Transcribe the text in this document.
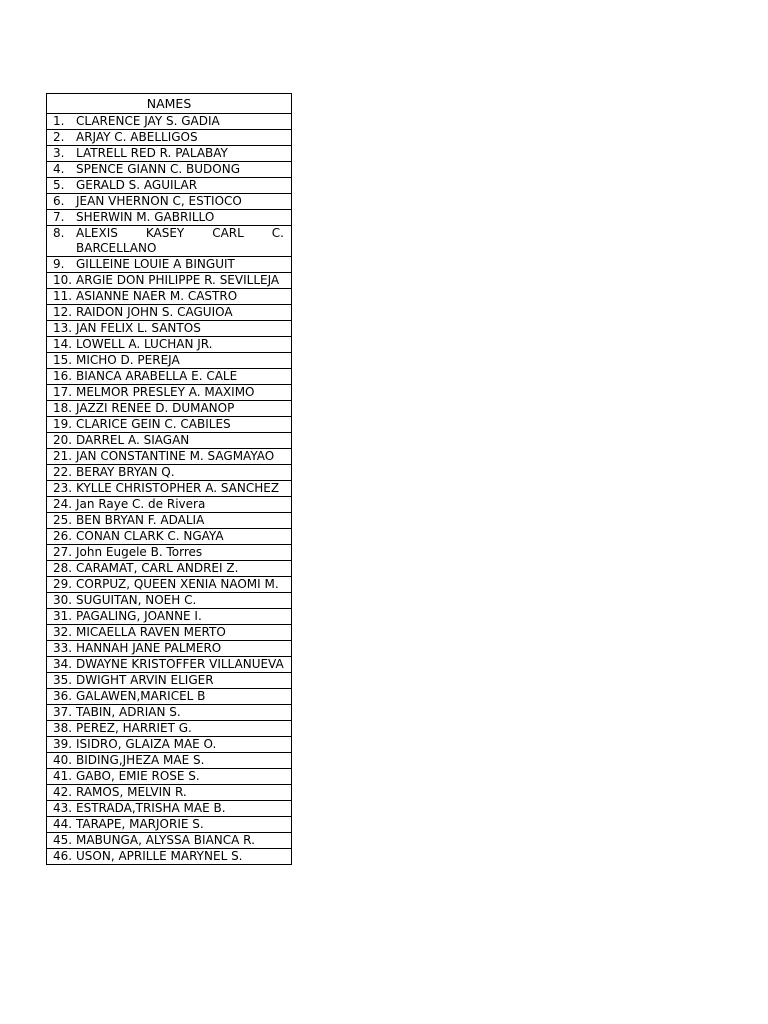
NAMES

1. CLARENCE JAY S. GADIA

2. ARJAY C. ABELLIGOS

3. LATRELL RED R. PALABAY

4. SPENCE GIANN C. BUDONG

5. GERALD S. AGUILAR

6. JEAN VHERNON C, ESTIOCO

7. SHERWIN M. GABRILLO

8. ALEXIS KASEY CARL C. BARCELLANO

9. GILLEINE LOUIE A BINGUIT

10. ARGIE DON PHILIPPE R. SEVILLEJA

11. ASIANNE NAER M. CASTRO

12. RAIDON JOHN S. CAGUIOA

13. JAN FELIX L. SANTOS

14. LOWELL A. LUCHAN JR.

15. MICHO D. PEREJA

16. BIANCA ARABELLA E. CALE

17. MELMOR PRESLEY A. MAXIMO

18. JAZZI RENEE D. DUMANOP

19. CLARICE GEIN C. CABILES

20. DARREL A. SIAGAN

21. JAN CONSTANTINE M. SAGMAYAO

22. BERAY BRYAN Q.

23. KYLLE CHRISTOPHER A. SANCHEZ

24. Jan Raye C. de Rivera

25. BEN BRYAN F. ADALIA

26. CONAN CLARK C. NGAYA

27. John Eugele B. Torres

28. CARAMAT, CARL ANDREI Z.

29. CORPUZ, QUEEN XENIA NAOMI M.

30. SUGUITAN, NOEH C.

31. PAGALING, JOANNE I.

32. MICAELLA RAVEN MERTO

33. HANNAH JANE PALMERO

34. DWAYNE KRISTOFFER VILLANUEVA

35. DWIGHT ARVIN ELIGER

36. GALAWEN,MARICEL B

37. TABIN, ADRIAN S.

38. PEREZ, HARRIET G.

39. ISIDRO, GLAIZA MAE O.

40. BIDING,JHEZA MAE S.

41. GABO, EMIE ROSE S.

42. RAMOS, MELVIN R.

43. ESTRADA,TRISHA MAE B.

44. TARAPE, MARJORIE S.

45. MABUNGA, ALYSSA BIANCA R.

46. USON, APRILLE MARYNEL S.
